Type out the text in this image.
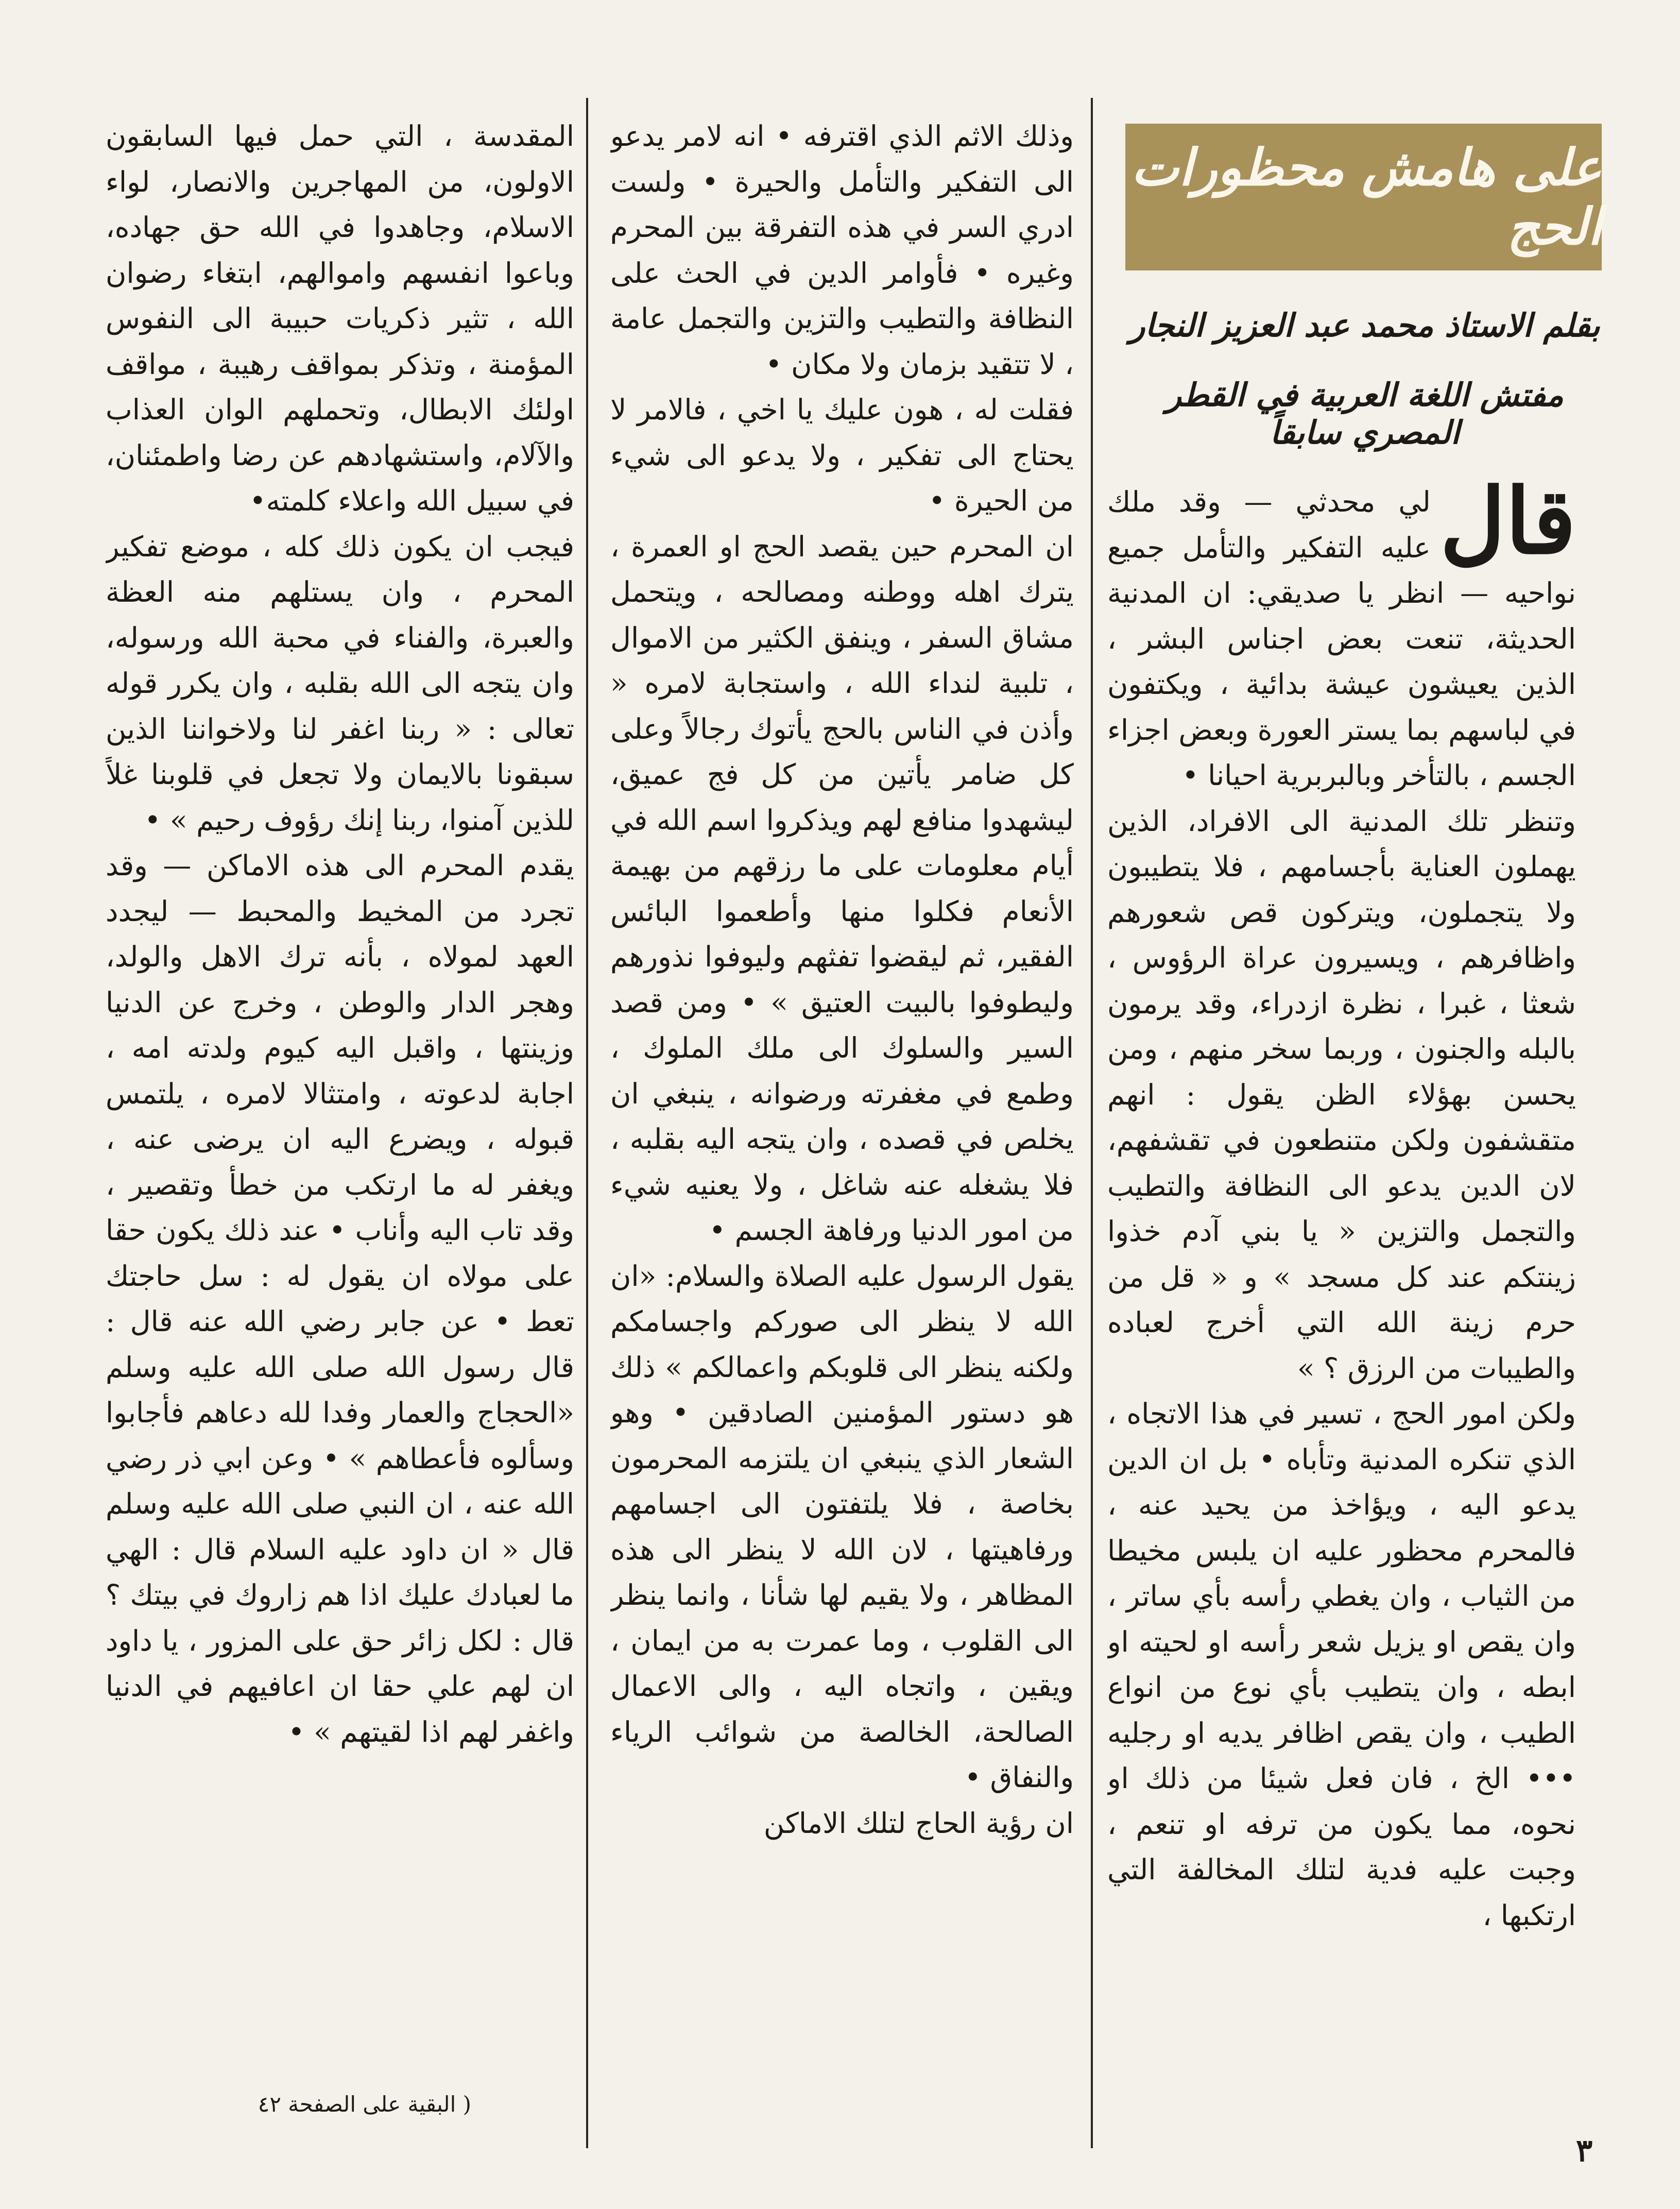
على هامش محظورات الحج
بقلم الاستاذ محمد عبد العزيز النجار
مفتش اللغة العربية في القطر المصري سابقاً

قال
لي محدثي — وقد ملك عليه التفكير والتأمل جميع نواحيه — انظر يا صديقي: ان المدنية الحديثة، تنعت بعض اجناس البشر ، الذين يعيشون عيشة بدائية ، ويكتفون في لباسهم بما يستر العورة وبعض اجزاء الجسم ، بالتأخر وبالبربرية احيانا •

وتنظر تلك المدنية الى الافراد، الذين يهملون العناية بأجسامهم ، فلا يتطيبون ولا يتجملون، ويتركون قص شعورهم واظافرهم ، ويسيرون عراة الرؤوس ، شعثا ، غبرا ، نظرة ازدراء، وقد يرمون بالبله والجنون ، وربما سخر منهم ، ومن يحسن بهؤلاء الظن يقول : انهم متقشفون ولكن متنطعون في تقشفهم، لان الدين يدعو الى النظافة والتطيب والتجمل والتزين « يا بني آدم خذوا زينتكم عند كل مسجد » و « قل من حرم زينة الله التي أخرج لعباده والطيبات من الرزق ؟ »

ولكن امور الحج ، تسير في هذا الاتجاه ، الذي تنكره المدنية وتأباه • بل ان الدين يدعو اليه ، ويؤاخذ من يحيد عنه ، فالمحرم محظور عليه ان يلبس مخيطا من الثياب ، وان يغطي رأسه بأي ساتر ، وان يقص او يزيل شعر رأسه او لحيته او ابطه ، وان يتطيب بأي نوع من انواع الطيب ، وان يقص اظافر يديه او رجليه ••• الخ ، فان فعل شيئا من ذلك او نحوه، مما يكون من ترفه او تنعم ، وجبت عليه فدية لتلك المخالفة التي ارتكبها ،

وذلك الاثم الذي اقترفه • انه لامر يدعو الى التفكير والتأمل والحيرة • ولست ادري السر في هذه التفرقة بين المحرم وغيره • فأوامر الدين في الحث على النظافة والتطيب والتزين والتجمل عامة ، لا تتقيد بزمان ولا مكان •

فقلت له ، هون عليك يا اخي ، فالامر لا يحتاج الى تفكير ، ولا يدعو الى شيء من الحيرة •

ان المحرم حين يقصد الحج او العمرة ، يترك اهله ووطنه ومصالحه ، ويتحمل مشاق السفر ، وينفق الكثير من الاموال ، تلبية لنداء الله ، واستجابة لامره « وأذن في الناس بالحج يأتوك رجالاً وعلى كل ضامر يأتين من كل فج عميق، ليشهدوا منافع لهم ويذكروا اسم الله في أيام معلومات على ما رزقهم من بهيمة الأنعام فكلوا منها وأطعموا البائس الفقير، ثم ليقضوا تفثهم وليوفوا نذورهم وليطوفوا بالبيت العتيق » • ومن قصد السير والسلوك الى ملك الملوك ، وطمع في مغفرته ورضوانه ، ينبغي ان يخلص في قصده ، وان يتجه اليه بقلبه ، فلا يشغله عنه شاغل ، ولا يعنيه شيء من امور الدنيا ورفاهة الجسم •

يقول الرسول عليه الصلاة والسلام: «ان الله لا ينظر الى صوركم واجسامكم ولكنه ينظر الى قلوبكم واعمالكم » ذلك هو دستور المؤمنين الصادقين • وهو الشعار الذي ينبغي ان يلتزمه المحرمون بخاصة ، فلا يلتفتون الى اجسامهم ورفاهيتها ، لان الله لا ينظر الى هذه المظاهر ، ولا يقيم لها شأنا ، وانما ينظر الى القلوب ، وما عمرت به من ايمان ، ويقين ، واتجاه اليه ، والى الاعمال الصالحة، الخالصة من شوائب الرياء والنفاق •

ان رؤية الحاج لتلك الاماكن

المقدسة ، التي حمل فيها السابقون الاولون، من المهاجرين والانصار، لواء الاسلام، وجاهدوا في الله حق جهاده، وباعوا انفسهم واموالهم، ابتغاء رضوان الله ، تثير ذكريات حبيبة الى النفوس المؤمنة ، وتذكر بمواقف رهيبة ، مواقف اولئك الابطال، وتحملهم الوان العذاب والآلام، واستشهادهم عن رضا واطمئنان، في سبيل الله واعلاء كلمته•

فيجب ان يكون ذلك كله ، موضع تفكير المحرم ، وان يستلهم منه العظة والعبرة، والفناء في محبة الله ورسوله، وان يتجه الى الله بقلبه ، وان يكرر قوله تعالى : « ربنا اغفر لنا ولاخواننا الذين سبقونا بالايمان ولا تجعل في قلوبنا غلاً للذين آمنوا، ربنا إنك رؤوف رحيم » •

يقدم المحرم الى هذه الاماكن — وقد تجرد من المخيط والمحبط — ليجدد العهد لمولاه ، بأنه ترك الاهل والولد، وهجر الدار والوطن ، وخرج عن الدنيا وزينتها ، واقبل اليه كيوم ولدته امه ، اجابة لدعوته ، وامتثالا لامره ، يلتمس قبوله ، ويضرع اليه ان يرضى عنه ، ويغفر له ما ارتكب من خطأ وتقصير ، وقد تاب اليه وأناب • عند ذلك يكون حقا على مولاه ان يقول له : سل حاجتك تعط • عن جابر رضي الله عنه قال : قال رسول الله صلى الله عليه وسلم «الحجاج والعمار وفدا لله دعاهم فأجابوا وسألوه فأعطاهم » • وعن ابي ذر رضي الله عنه ، ان النبي صلى الله عليه وسلم قال « ان داود عليه السلام قال : الهي ما لعبادك عليك اذا هم زاروك في بيتك ؟ قال : لكل زائر حق على المزور ، يا داود ان لهم علي حقا ان اعافيهم في الدنيا واغفر لهم اذا لقيتهم » •

( البقية على الصفحة ٤٢
٣
